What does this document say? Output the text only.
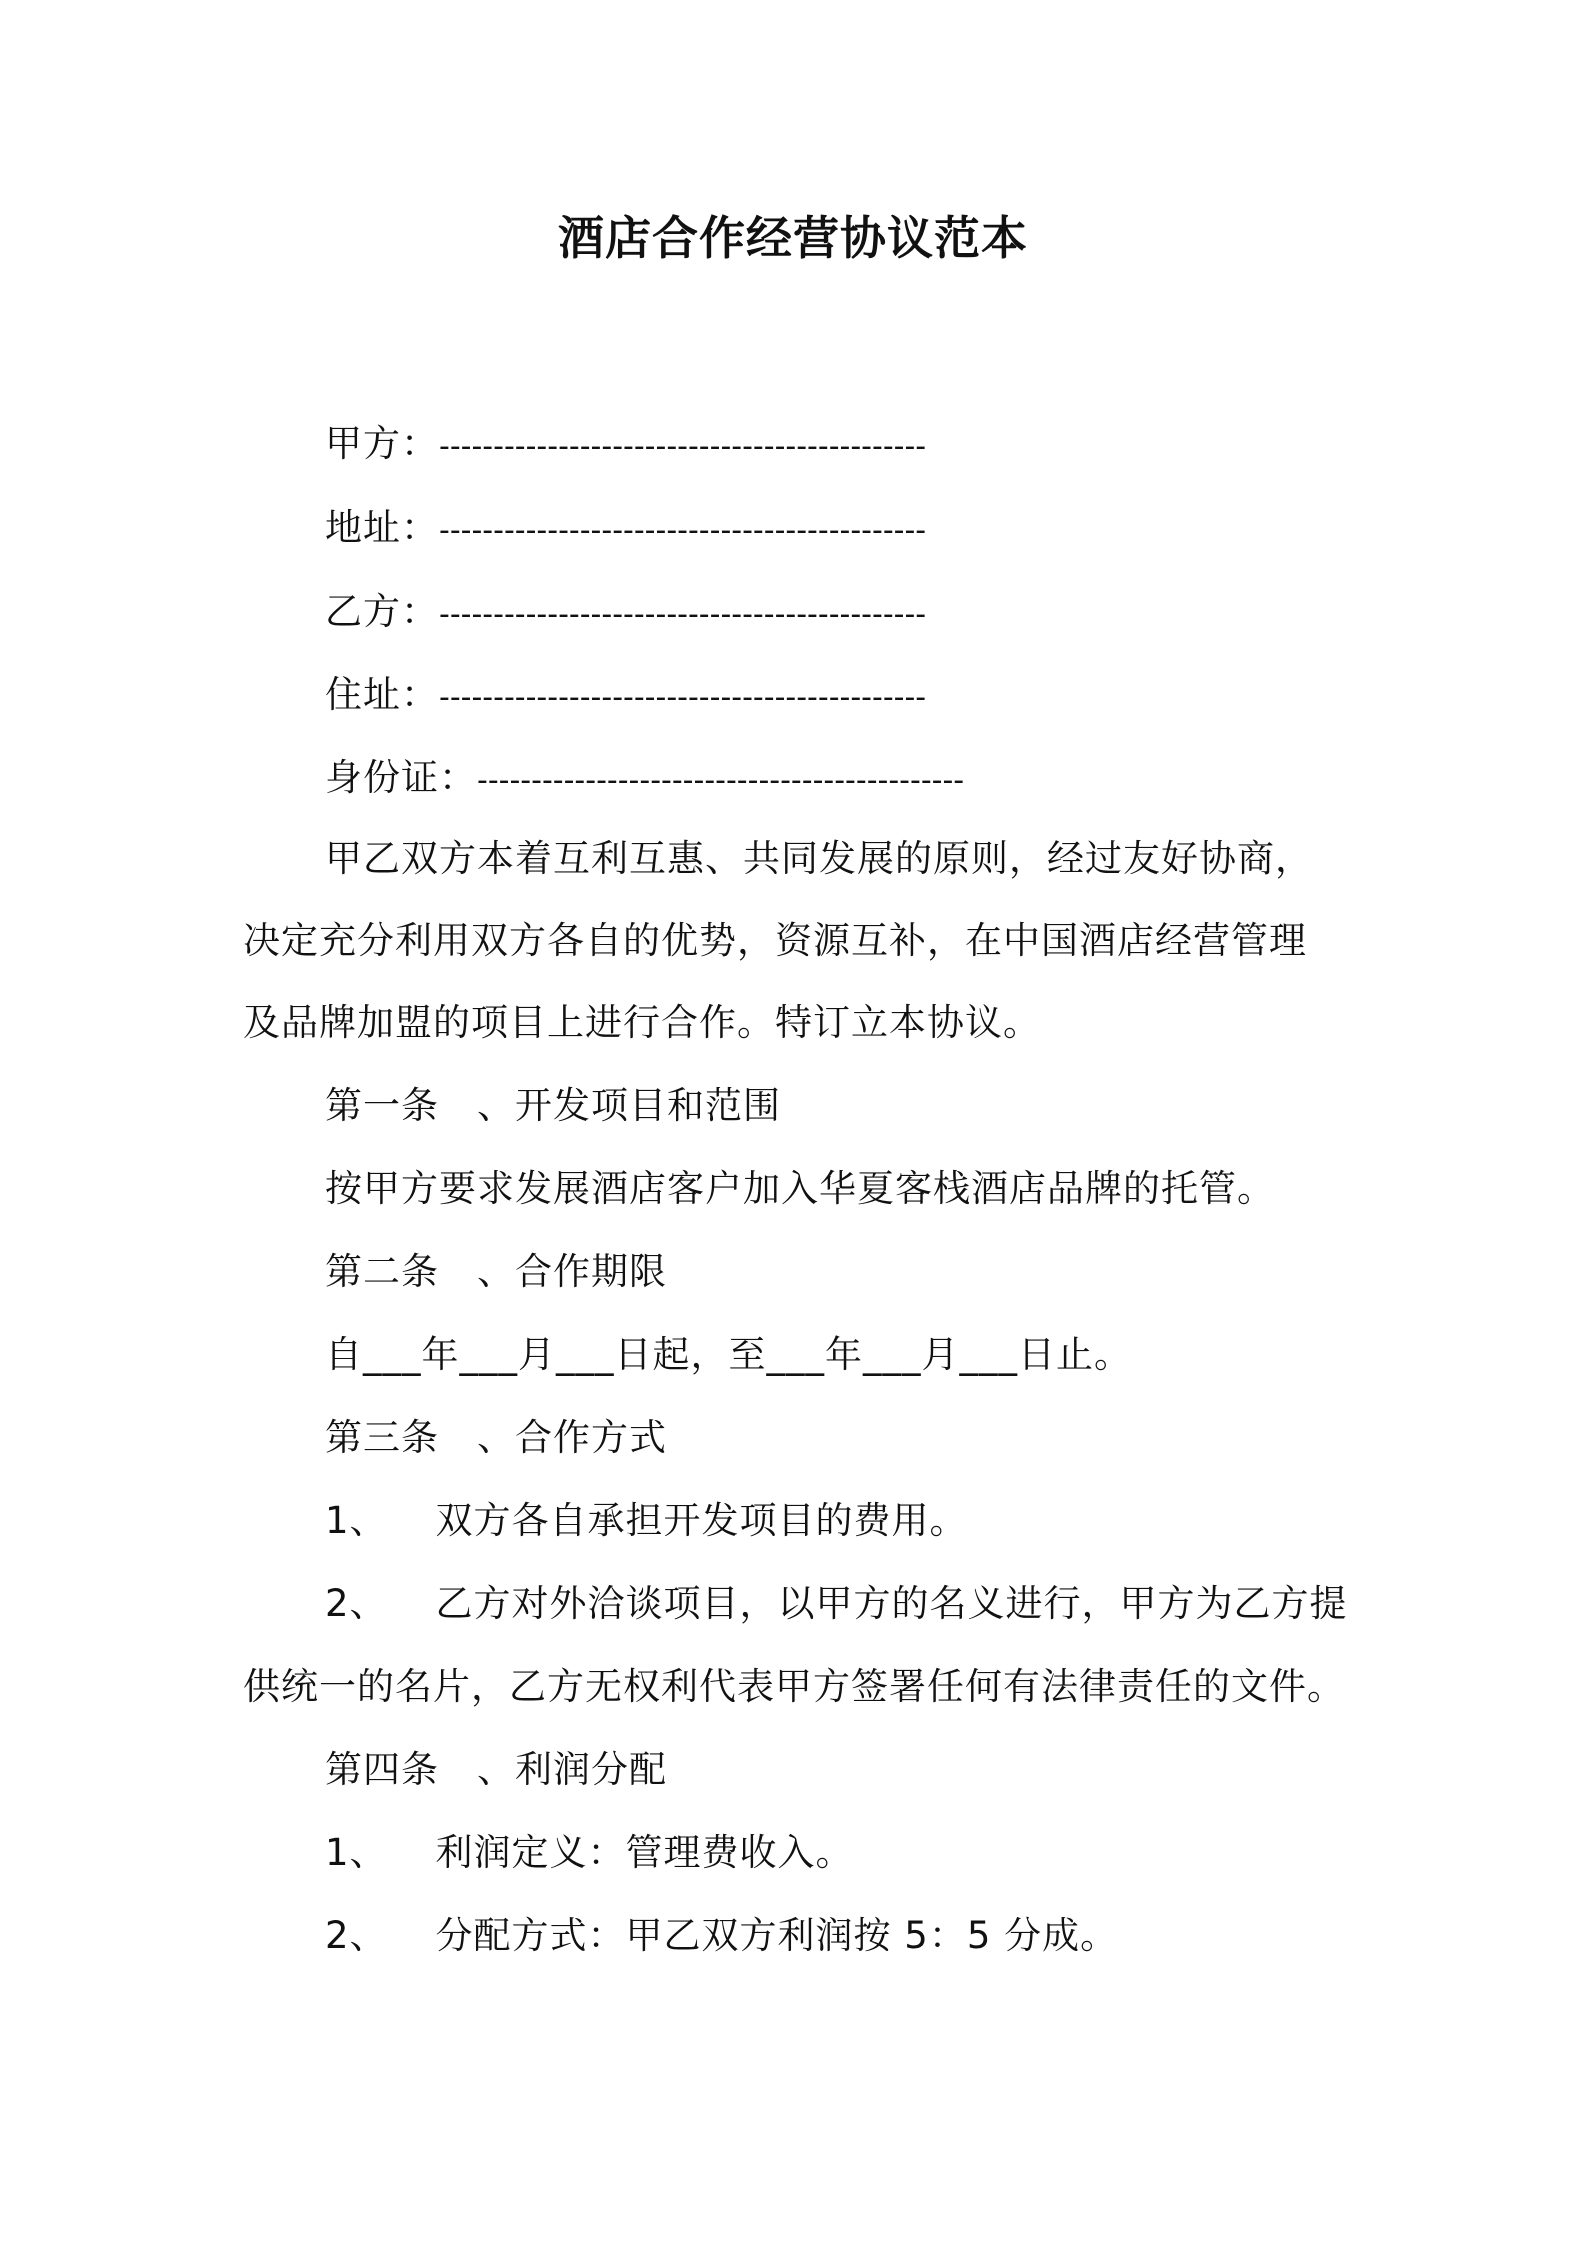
酒店合作经营协议范本
甲方：---------------------------------------------
地址：---------------------------------------------
乙方：---------------------------------------------
住址：---------------------------------------------
身份证：---------------------------------------------
甲乙双方本着互利互惠、共同发展的原则，经过友好协商，
决定充分利用双方各自的优势，资源互补，在中国酒店经营管理
及品牌加盟的项目上进行合作。特订立本协议。
第一条 、开发项目和范围
按甲方要求发展酒店客户加入华夏客栈酒店品牌的托管。
第二条 、合作期限
自___年___月___日起，至___年___月___日止。
第三条 、合作方式
1、 双方各自承担开发项目的费用。
2、 乙方对外洽谈项目，以甲方的名义进行，甲方为乙方提
供统一的名片，乙方无权利代表甲方签署任何有法律责任的文件。
第四条 、利润分配
1、 利润定义：管理费收入。
2、 分配方式：甲乙双方利润按 5：5 分成。
